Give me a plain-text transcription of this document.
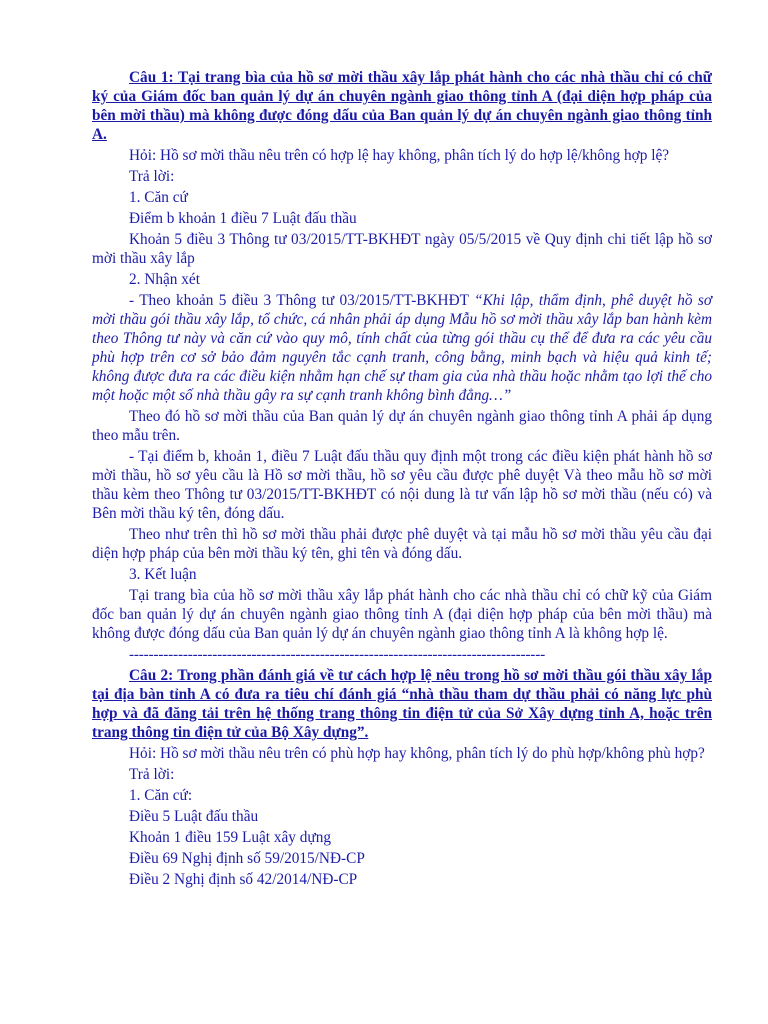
Câu 1: Tại trang bìa của hồ sơ mời thầu xây lắp phát hành cho các nhà thầu chỉ có chữ ký của Giám đốc ban quản lý dự án chuyên ngành giao thông tỉnh A (đại diện hợp pháp của bên mời thầu) mà không được đóng dấu của Ban quản lý dự án chuyên ngành giao thông tỉnh A.

Hỏi: Hồ sơ mời thầu nêu trên có hợp lệ hay không, phân tích lý do hợp lệ/không hợp lệ?

Trả lời:

1. Căn cứ

Điểm b khoản 1 điều 7 Luật đấu thầu

Khoản 5 điều 3 Thông tư 03/2015/TT-BKHĐT ngày 05/5/2015 về Quy định chi tiết lập hồ sơ mời thầu xây lắp

2. Nhận xét

- Theo khoản 5 điều 3 Thông tư 03/2015/TT-BKHĐT “Khi lập, thẩm định, phê duyệt hồ sơ mời thầu gói thầu xây lắp, tổ chức, cá nhân phải áp dụng Mẫu hồ sơ mời thầu xây lắp ban hành kèm theo Thông tư này và căn cứ vào quy mô, tính chất của từng gói thầu cụ thể để đưa ra các yêu cầu phù hợp trên cơ sở bảo đảm nguyên tắc cạnh tranh, công bằng, minh bạch và hiệu quả kinh tế; không được đưa ra các điều kiện nhằm hạn chế sự tham gia của nhà thầu hoặc nhằm tạo lợi thế cho một hoặc một số nhà thầu gây ra sự cạnh tranh không bình đẳng…”

Theo đó hồ sơ mời thầu của Ban quản lý dự án chuyên ngành giao thông tỉnh A phải áp dụng theo mẫu trên.

- Tại điểm b, khoản 1, điều 7 Luật đấu thầu quy định một trong các điều kiện phát hành hồ sơ mời thầu, hồ sơ yêu cầu là Hồ sơ mời thầu, hồ sơ yêu cầu được phê duyệt Và theo mẫu hồ sơ mời thầu kèm theo Thông tư 03/2015/TT-BKHĐT có nội dung là tư vấn lập hồ sơ mời thầu (nếu có) và Bên mời thầu ký tên, đóng dấu.

Theo như trên thì hồ sơ mời thầu phải được phê duyệt và tại mẫu hồ sơ mời thầu yêu cầu đại diện hợp pháp của bên mời thầu ký tên, ghi tên và đóng dấu.

3. Kết luận

Tại trang bìa của hồ sơ mời thầu xây lắp phát hành cho các nhà thầu chỉ có chữ kỹ của Giám đốc ban quản lý dự án chuyên ngành giao thông tỉnh A (đại diện hợp pháp của bên mời thầu) mà không được đóng dấu của Ban quản lý dự án chuyên ngành giao thông tỉnh A là không hợp lệ.

-------------------------------------------------------------------------------------

Câu 2: Trong phần đánh giá về tư cách hợp lệ nêu trong hồ sơ mời thầu gói thầu xây lắp tại địa bàn tỉnh A có đưa ra tiêu chí đánh giá “nhà thầu tham dự thầu phải có năng lực phù hợp và đã đăng tải trên hệ thống trang thông tin điện tử của Sở Xây dựng tỉnh A, hoặc trên trang thông tin điện tử của Bộ Xây dựng”.

Hỏi: Hồ sơ mời thầu nêu trên có phù hợp hay không, phân tích lý do phù hợp/không phù hợp?

Trả lời:

1. Căn cứ:

Điều 5 Luật đấu thầu

Khoản 1 điều 159 Luật xây dựng

Điều 69 Nghị định số 59/2015/NĐ-CP

Điều 2 Nghị định số 42/2014/NĐ-CP
